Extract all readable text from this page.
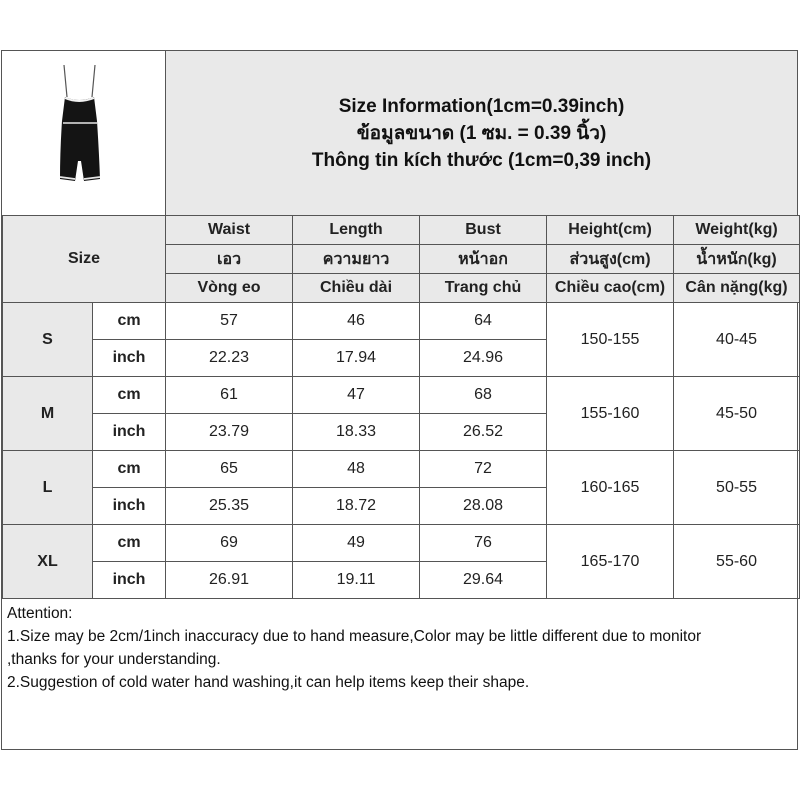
Size Information(1cm=0.39inch)
ข้อมูลขนาด (1 ซม. = 0.39 นิ้ว)
Thông tin kích thước (1cm=0,39 inch)
Size		Waist	Length	Bust	Height(cm)	Weight(kg)
		เอว	ความยาว	หน้าอก	ส่วนสูง(cm)	น้ำหนัก(kg)
		Vòng eo	Chiều dài	Trang chủ	Chiều cao(cm)	Cân nặng(kg)
S	cm	57	46	64	150-155	40-45
	inch	22.23	17.94	24.96		
M	cm	61	47	68	155-160	45-50
	inch	23.79	18.33	26.52		
L	cm	65	48	72	160-165	50-55
	inch	25.35	18.72	28.08		
XL	cm	69	49	76	165-170	55-60
	inch	26.91	19.11	29.64		
Attention:
1.Size may be 2cm/1inch inaccuracy due to hand measure,Color may be little different due to monitor
,thanks for your understanding.
2.Suggestion of cold water hand washing,it can help items keep their shape.
